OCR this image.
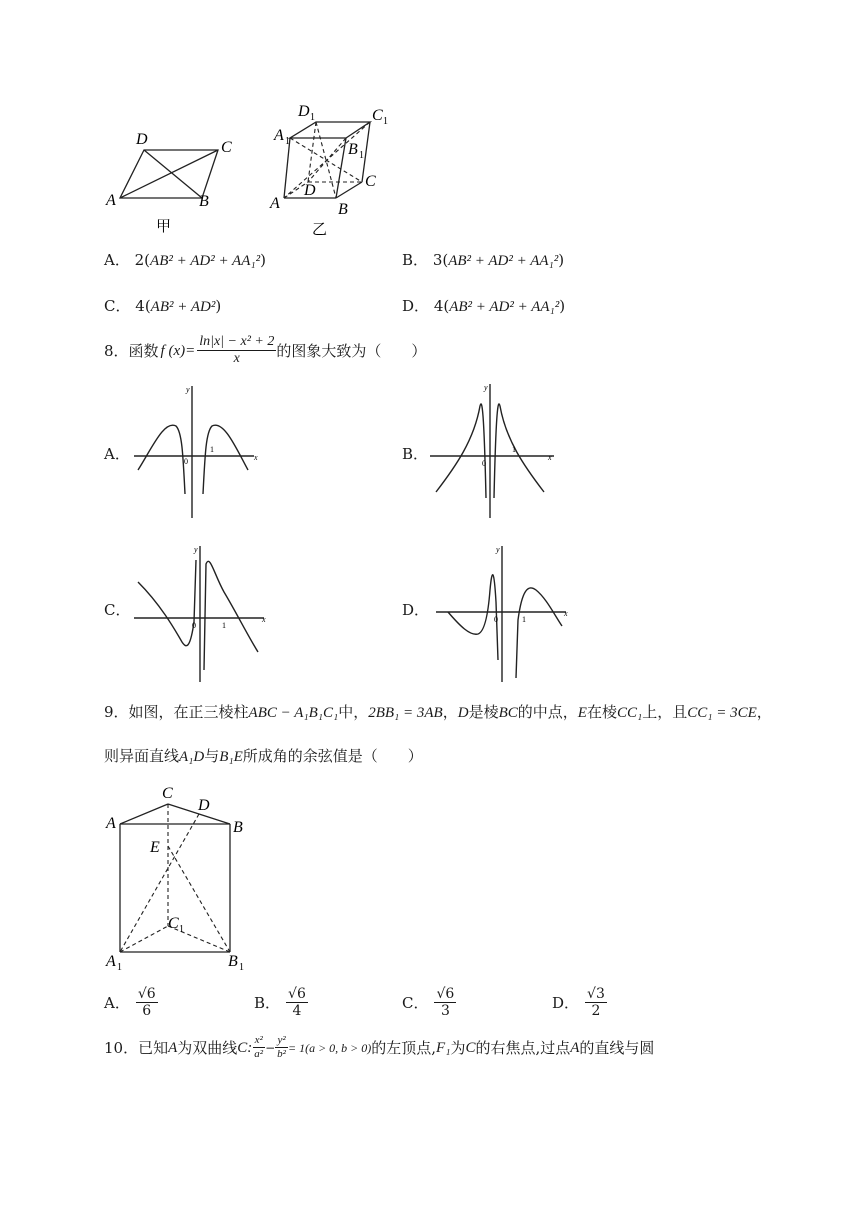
A	B
C
D
甲
A	B
C
D
A 1	B 1
C 1
D 1
乙
A． 2(AB² + AD² + AA₁²)	B． 3(AB² + AD² + AA₁²)
C． 4(AB² + AD²)	D． 4(AB² + AD² + AA₁²)
8．函数 f $(x)= \frac{\text{ln|x| − x² + 2}}{x}$ 的图象大致为（　　）
A．	B．
C．	D．
x
y
0
1
x
y
0
1
x
y
0	1
x
y
0	1
9．如图，在正三棱柱ABC − A₁B₁C₁中，2BB₁ = 3AB，D是棱BC的中点，E在棱CC₁上，且CC₁ = 3CE，
则异面直线A₁D与B₁E所成角的余弦值是（　　）
C
D
A	B
E
C 1
A 1	B 1
A． $\frac{√6}{6}$	B． $\frac{√6}{4}$	C． $\frac{√6}{3}$	D． $\frac{√3}{2}$
10．已知 A 为双曲线 C: $\frac{\text{x²}}{\text{a²}} - \frac{\text{y²}}{\text{b²}} = 1(a > 0$, b > 0) 的左顶点, F₁ 为 C 的右焦点,过点 A 的直线与圆
